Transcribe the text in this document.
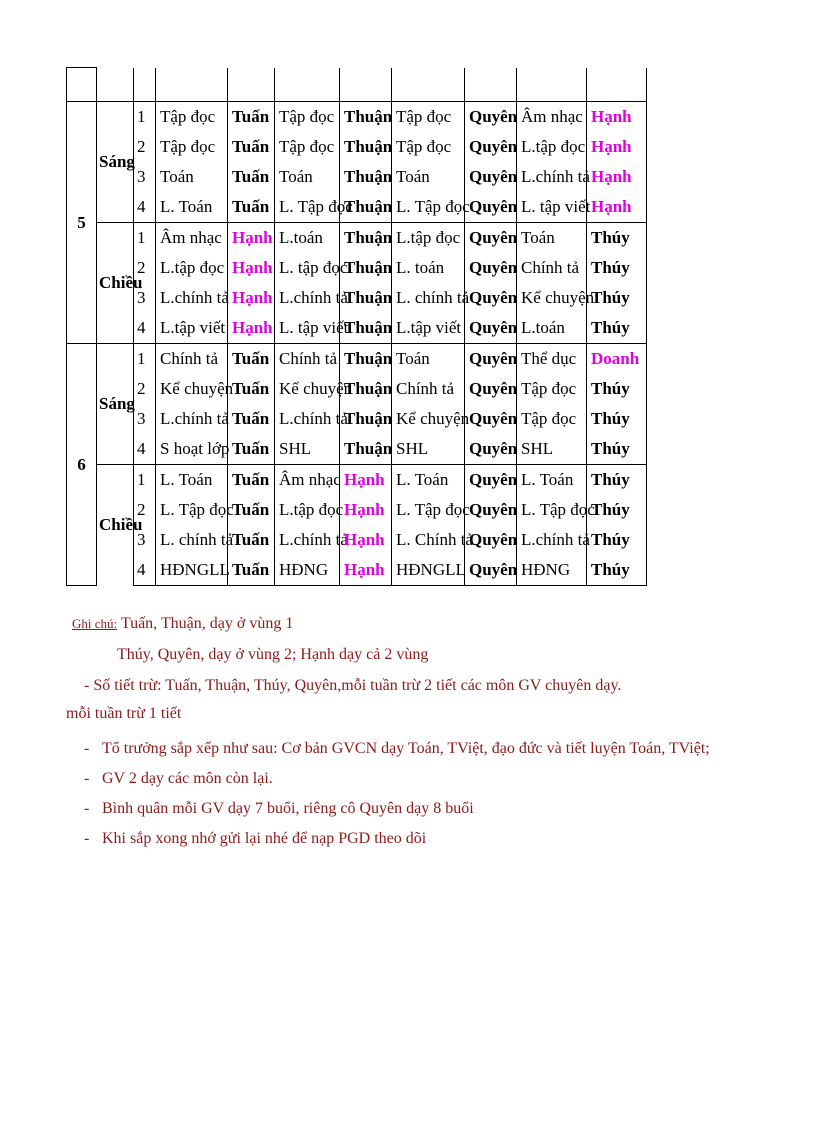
5	Sáng	1	Tập đọc	Tuấn	Tập đọc	Thuận	Tập đọc	Quyên	Âm nhạc	Hạnh
		2	Tập đọc	Tuấn	Tập đọc	Thuận	Tập đọc	Quyên	L.tập đọc	Hạnh
		3	Toán	Tuấn	Toán	Thuận	Toán	Quyên	L.chính tả	Hạnh
		4	L. Toán	Tuấn	L. Tập đọc	Thuận	L. Tập đọc	Quyên	L. tập viết	Hạnh
	Chiều	1	Âm nhạc	Hạnh	L.toán	Thuận	L.tập đọc	Quyên	Toán	Thúy
		2	L.tập đọc	Hạnh	L. tập đọc	Thuận	L. toán	Quyên	Chính tả	Thúy
		3	L.chính tả	Hạnh	L.chính tả	Thuận	L. chính tả	Quyên	Kể chuyện	Thúy
		4	L.tập viết	Hạnh	L. tập viết	Thuận	L.tập viết	Quyên	L.toán	Thúy
6	Sáng	1	Chính tả	Tuấn	Chính tả	Thuận	Toán	Quyên	Thể dục	Doanh
		2	Kể chuyện	Tuấn	Kể chuyện	Thuận	Chính tả	Quyên	Tập đọc	Thúy
		3	L.chính tả	Tuấn	L.chính tả	Thuận	Kể chuyện	Quyên	Tập đọc	Thúy
		4	S hoạt lớp	Tuấn	SHL	Thuận	SHL	Quyên	SHL	Thúy
	Chiều	1	L. Toán	Tuấn	Âm nhạc	Hạnh	L. Toán	Quyên	L. Toán	Thúy
		2	L. Tập đọc	Tuấn	L.tập đọc	Hạnh	L. Tập đọc	Quyên	L. Tập đọc	Thúy
		3	L. chính tả	Tuấn	L.chính tả	Hạnh	L. Chính tả	Quyên	L.chính tả	Thúy
		4	HĐNGLL	Tuấn	HĐNG	Hạnh	HĐNGLL	Quyên	HĐNG	Thúy
Ghi chú: Tuấn, Thuận, dạy ở vùng 1
Thúy, Quyên, dạy ở vùng 2; Hạnh dạy cả 2 vùng
- Số tiết trừ: Tuấn, Thuận, Thúy, Quyên,mỗi tuần trừ 2 tiết các môn GV chuyên dạy.
mỗi tuần trừ 1 tiết
- Tổ trưởng sắp xếp như sau: Cơ bản GVCN dạy Toán, TViệt, đạo đức và tiết luyện Toán, TViệt;
- GV 2 dạy các môn còn lại.
- Bình quân mỗi GV dạy 7 buổi, riêng cô Quyên dạy 8 buổi
- Khi sắp xong nhớ gửi lại nhé để nạp PGD theo dõi
